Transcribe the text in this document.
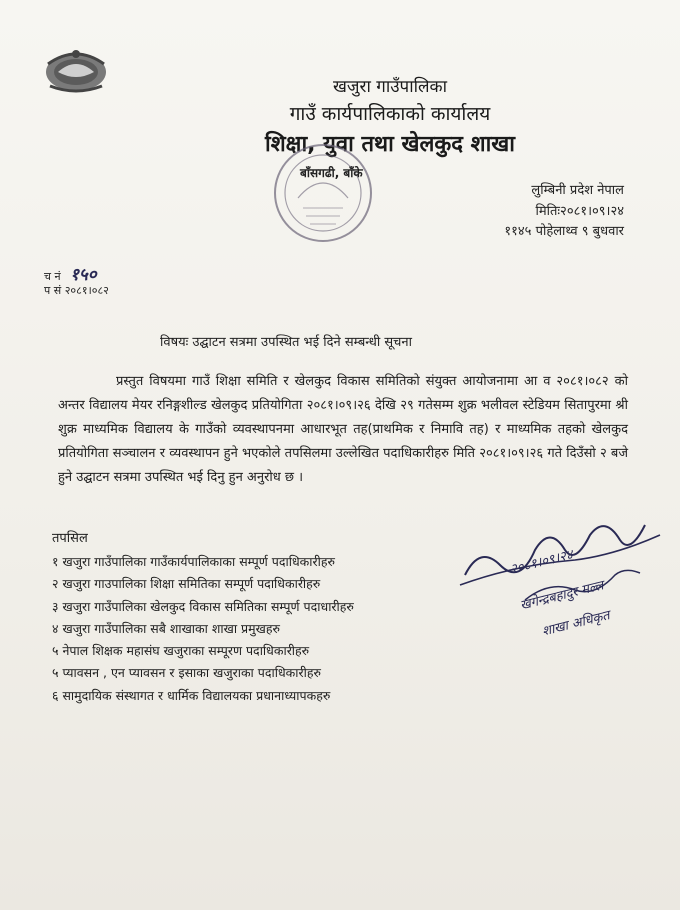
खजुरा गाउँपालिका
गाउँ कार्यपालिकाको कार्यालय
शिक्षा, युवा तथा खेलकुद शाखा
बाँसगढी, बाँके
लुम्बिनी प्रदेश नेपाल
मितिः२०८१।०९।२४
११४५ पोहेलाथ्व ९ बुधवार
च नं १५०
प सं २०८१।०८२
विषयः उद्घाटन सत्रमा उपस्थित भई दिने सम्बन्धी सूचना
प्रस्तुत विषयमा गाउँ शिक्षा समिति र खेलकुद विकास समितिको संयुक्त आयोजनामा आ व २०८१।०८२ को अन्तर विद्यालय मेयर रनिङ्गशील्ड खेलकुद प्रतियोगिता २०८१।०९।२६ देखि २९ गतेसम्म शुक्र भलीवल स्टेडियम सितापुरमा श्री शुक्र माध्यमिक विद्यालय के गाउँको व्यवस्थापनमा आधारभूत तह(प्राथमिक र निमावि तह) र माध्यमिक तहको खेलकुद प्रतियोगिता सञ्चालन र व्यवस्थापन हुने भएकोले तपसिलमा उल्लेखित पदाधिकारीहरु मिति २०८१।०९।२६ गते दिउँसो २ बजे हुने उद्घाटन सत्रमा उपस्थित भई दिनु हुन अनुरोध छ ।
तपसिल
१ खजुरा गाउँपालिका गाउँकार्यपालिकाका सम्पूर्ण पदाधिकारीहरु
२ खजुरा गाउपालिका शिक्षा समितिका सम्पूर्ण पदाधिकारीहरु
३ खजुरा गाउँपालिका खेलकुद विकास समितिका सम्पूर्ण पदाधारीहरु
४ खजुरा गाउँपालिका सबै शाखाका शाखा प्रमुखहरु
५ नेपाल शिक्षक महासंघ खजुराका सम्पूरण पदाधिकारीहरु
५ प्यावसन , एन प्यावसन र इसाका खजुराका पदाधिकारीहरु
६ सामुदायिक संस्थागत र धार्मिक विद्यालयका प्रधानाध्यापकहरु
२०८१।०९।२४
खगेन्द्रबहादुर मल्ल
शाखा अधिकृत
